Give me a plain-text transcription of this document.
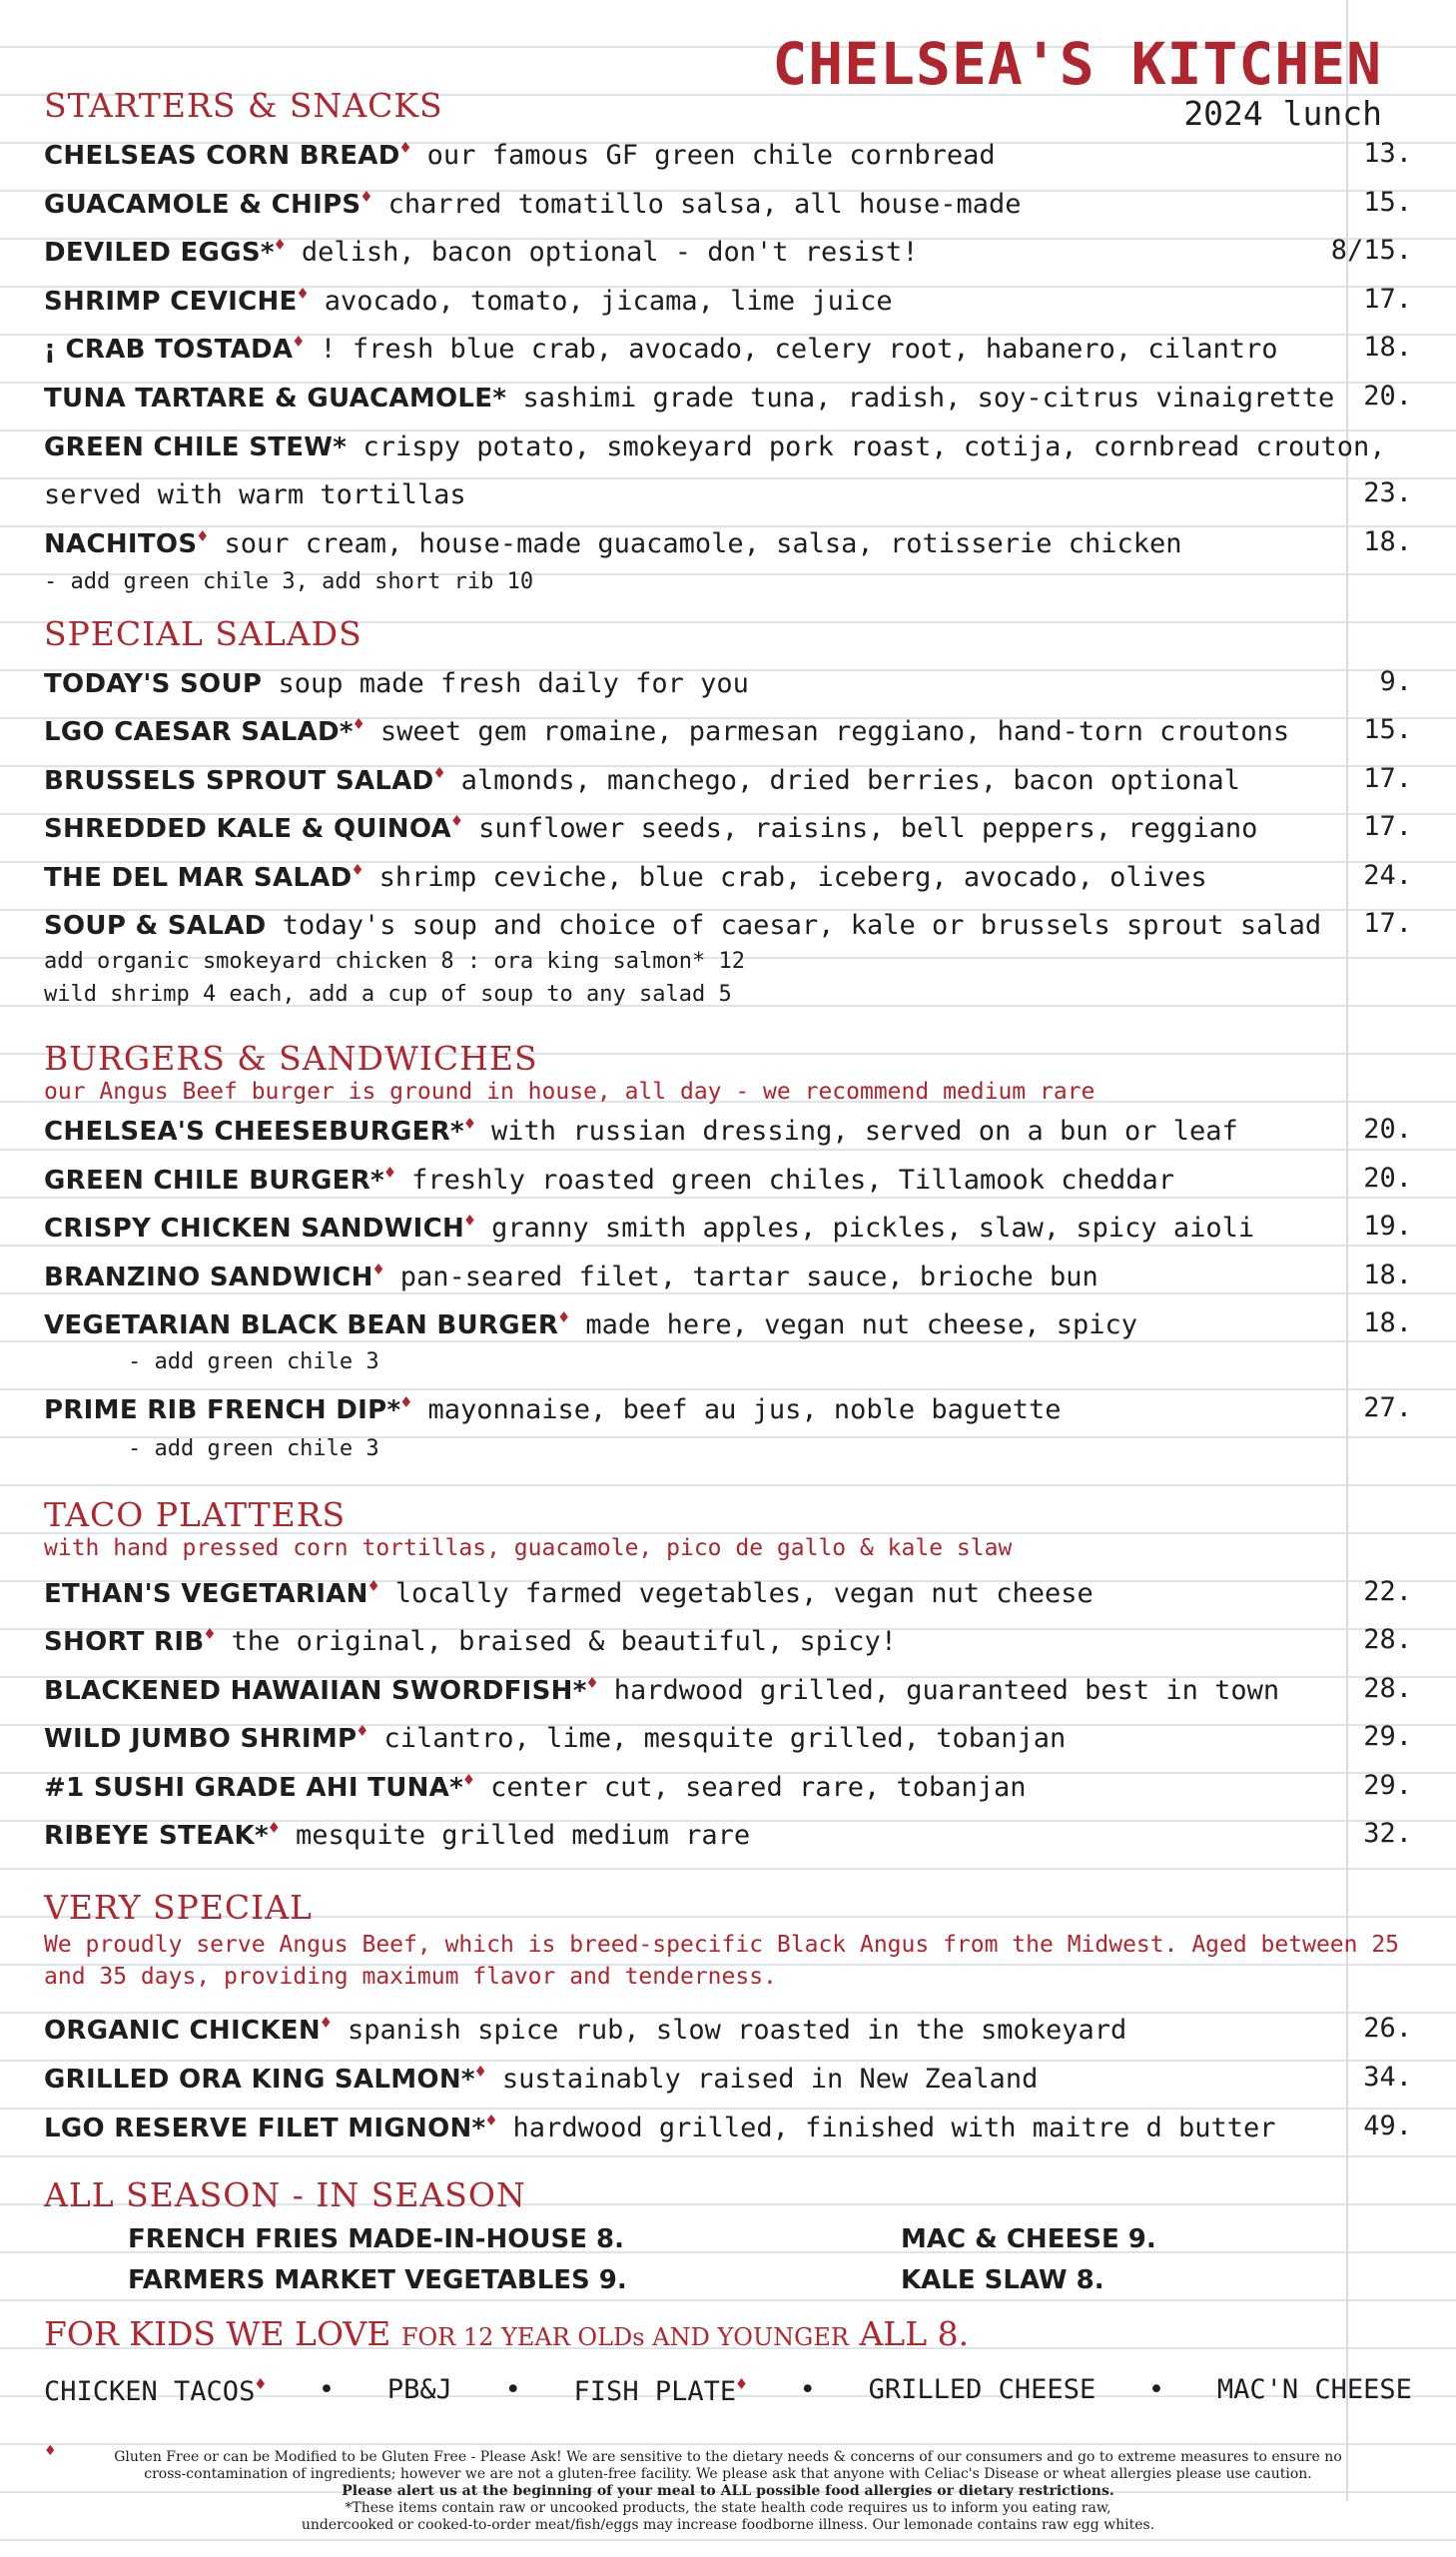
CHELSEA'S KITCHEN
2024 lunch
STARTERS & SNACKS
CHELSEAS CORN BREAD♦ our famous GF green chile cornbread	13.
GUACAMOLE & CHIPS♦ charred tomatillo salsa, all house-made	15.
DEVILED EGGS*♦ delish, bacon optional - don't resist!	8/15.
SHRIMP CEVICHE♦ avocado, tomato, jicama, lime juice	17.
¡ CRAB TOSTADA♦ ! fresh blue crab, avocado, celery root, habanero, cilantro	18.
TUNA TARTARE & GUACAMOLE* sashimi grade tuna, radish, soy-citrus vinaigrette 20.
GREEN CHILE STEW* crispy potato, smokeyard pork roast, cotija, cornbread crouton,
served with warm tortillas	23.
NACHITOS♦ sour cream, house-made guacamole, salsa, rotisserie chicken	18.
- add green chile 3, add short rib 10
SPECIAL SALADS
TODAY'S SOUP soup made fresh daily for you	9.
LGO CAESAR SALAD*♦ sweet gem romaine, parmesan reggiano, hand-torn croutons	15.
BRUSSELS SPROUT SALAD♦ almonds, manchego, dried berries, bacon optional	17.
SHREDDED KALE & QUINOA♦ sunflower seeds, raisins, bell peppers, reggiano	17.
THE DEL MAR SALAD♦ shrimp ceviche, blue crab, iceberg, avocado, olives	24.
SOUP & SALAD today's soup and choice of caesar, kale or brussels sprout salad 17.
add organic smokeyard chicken 8 : ora king salmon* 12
wild shrimp 4 each, add a cup of soup to any salad 5
BURGERS & SANDWICHES
our Angus Beef burger is ground in house, all day - we recommend medium rare
CHELSEA'S CHEESEBURGER*♦ with russian dressing, served on a bun or leaf	20.
GREEN CHILE BURGER*♦ freshly roasted green chiles, Tillamook cheddar	20.
CRISPY CHICKEN SANDWICH♦ granny smith apples, pickles, slaw, spicy aioli	19.
BRANZINO SANDWICH♦ pan-seared filet, tartar sauce, brioche bun	18.
VEGETARIAN BLACK BEAN BURGER♦ made here, vegan nut cheese, spicy	18.
PRIME RIB FRENCH DIP*♦ mayonnaise, beef au jus, noble baguette	27.
- add green chile 3
- add green chile 3
TACO PLATTERS
with hand pressed corn tortillas, guacamole, pico de gallo & kale slaw
ETHAN'S VEGETARIAN♦ locally farmed vegetables, vegan nut cheese	22.
SHORT RIB♦ the original, braised & beautiful, spicy!	28.
BLACKENED HAWAIIAN SWORDFISH*♦ hardwood grilled, guaranteed best in town	28.
WILD JUMBO SHRIMP♦ cilantro, lime, mesquite grilled, tobanjan	29.
#1 SUSHI GRADE AHI TUNA*♦ center cut, seared rare, tobanjan	29.
RIBEYE STEAK*♦ mesquite grilled medium rare	32.
VERY SPECIAL
We proudly serve Angus Beef, which is breed-specific Black Angus from the Midwest. Aged between 25 and 35 days, providing maximum flavor and tenderness.
ORGANIC CHICKEN♦ spanish spice rub, slow roasted in the smokeyard	26.
GRILLED ORA KING SALMON*♦ sustainably raised in New Zealand	34.
LGO RESERVE FILET MIGNON*♦ hardwood grilled, finished with maitre d butter	49.
ALL SEASON - IN SEASON
FRENCH FRIES MADE-IN-HOUSE 8.	MAC & CHEESE 9.
FARMERS MARKET VEGETABLES 9.	KALE SLAW 8.
FOR KIDS WE LOVE FOR 12 YEAR OLDs AND YOUNGER ALL 8.
CHICKEN TACOS♦ • PB&J • FISH PLATE♦ • GRILLED CHEESE • MAC'N CHEESE
♦	Gluten Free or can be Modified to be Gluten Free - Please Ask! We are sensitive to the dietary needs & concerns of our consumers and go to extreme measures to ensure no
cross-contamination of ingredients; however we are not a gluten-free facility. We please ask that anyone with Celiac's Disease or wheat allergies please use caution.
Please alert us at the beginning of your meal to ALL possible food allergies or dietary restrictions.
*These items contain raw or uncooked products, the state health code requires us to inform you eating raw,
undercooked or cooked-to-order meat/fish/eggs may increase foodborne illness. Our lemonade contains raw egg whites.
